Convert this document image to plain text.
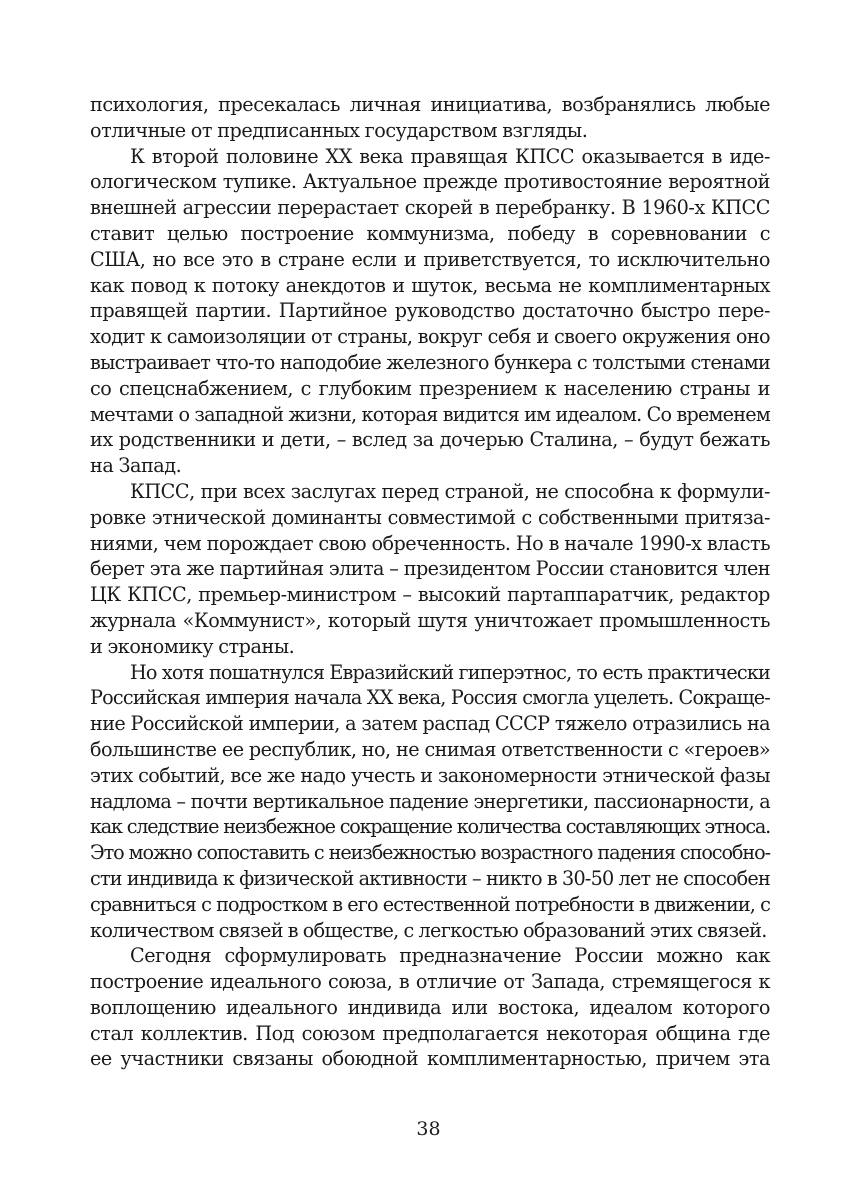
психология, пресекалась личная инициатива, возбранялись любые
отличные от предписанных государством взгляды.
К второй половине XX века правящая КПСС оказывается в иде-
ологическом тупике. Актуальное прежде противостояние вероятной
внешней агрессии перерастает скорей в перебранку. В 1960-х КПСС
ставит целью построение коммунизма, победу в соревновании с
США, но все это в стране если и приветствуется, то исключительно
как повод к потоку анекдотов и шуток, весьма не комплиментарных
правящей партии. Партийное руководство достаточно быстро пере-
ходит к самоизоляции от страны, вокруг себя и своего окружения оно
выстраивает что-то наподобие железного бункера с толстыми стенами
со спецснабжением, с глубоким презрением к населению страны и
мечтами о западной жизни, которая видится им идеалом. Со временем
их родственники и дети, – вслед за дочерью Сталина, – будут бежать
на Запад.
КПСС, при всех заслугах перед страной, не способна к формули-
ровке этнической доминанты совместимой с собственными притяза-
ниями, чем порождает свою обреченность. Но в начале 1990-х власть
берет эта же партийная элита – президентом России становится член
ЦК КПСС, премьер-министром – высокий партаппаратчик, редактор
журнала «Коммунист», который шутя уничтожает промышленность
и экономику страны.
Но хотя пошатнулся Евразийский гиперэтнос, то есть практически
Российская империя начала XX века, Россия смогла уцелеть. Сокраще-
ние Российской империи, а затем распад СССР тяжело отразились на
большинстве ее республик, но, не снимая ответственности с «героев»
этих событий, все же надо учесть и закономерности этнической фазы
надлома – почти вертикальное падение энергетики, пассионарности, а
как следствие неизбежное сокращение количества составляющих этноса.
Это можно сопоставить с неизбежностью возрастного падения способно-
сти индивида к физической активности – никто в 30-50 лет не способен
сравниться с подростком в его естественной потребности в движении, с
количеством связей в обществе, с легкостью образований этих связей.
Сегодня сформулировать предназначение России можно как
построение идеального союза, в отличие от Запада, стремящегося к
воплощению идеального индивида или востока, идеалом которого
стал коллектив. Под союзом предполагается некоторая община где
ее участники связаны обоюдной комплиментарностью, причем эта
38
